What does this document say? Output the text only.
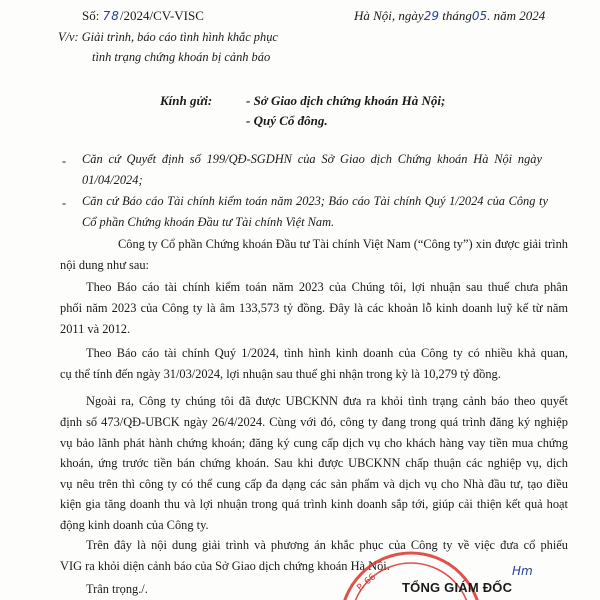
Số: 78/2024/CV-VISC	Hà Nội, ngày29 tháng05. năm 2024
V/v: Giải trình, báo cáo tình hình khắc phục
tình trạng chứng khoán bị cảnh báo
Kính gửi:	- Sở Giao dịch chứng khoán Hà Nội;
- Quý Cổ đông.
- Căn cứ Quyết định số 199/QĐ-SGDHN của Sở Giao dịch Chứng khoán Hà Nội ngày
01/04/2024;
- Căn cứ Báo cáo Tài chính kiểm toán năm 2023; Báo cáo Tài chính Quý 1/2024 của Công ty
Cổ phần Chứng khoán Đầu tư Tài chính Việt Nam.
Công ty Cổ phần Chứng khoán Đầu tư Tài chính Việt Nam (“Công ty”) xin được giải trình
nội dung như sau:
Theo Báo cáo tài chính kiểm toán năm 2023 của Chúng tôi, lợi nhuận sau thuế chưa phân
phối năm 2023 của Công ty là âm 133,573 tỷ đồng. Đây là các khoản lỗ kinh doanh luỹ kế từ năm
2011 và 2012.
Theo Báo cáo tài chính Quý 1/2024, tình hình kinh doanh của Công ty có nhiều khả quan,
cụ thể tính đến ngày 31/03/2024, lợi nhuận sau thuế ghi nhận trong kỳ là 10,279 tỷ đồng.
Ngoài ra, Công ty chúng tôi đã được UBCKNN đưa ra khỏi tình trạng cảnh báo theo quyết
định số 473/QĐ-UBCK ngày 26/4/2024. Cùng với đó, công ty đang trong quá trình đăng ký nghiệp
vụ bảo lãnh phát hành chứng khoán; đăng ký cung cấp dịch vụ cho khách hàng vay tiền mua chứng
khoán, ứng trước tiền bán chứng khoán. Sau khi được UBCKNN chấp thuận các nghiệp vụ, dịch
vụ nêu trên thì công ty có thể cung cấp đa dạng các sản phẩm và dịch vụ cho Nhà đầu tư, tạo điều
kiện gia tăng doanh thu và lợi nhuận trong quá trình kinh doanh sắp tới, giúp cải thiện kết quả hoạt
động kinh doanh của Công ty.
Trên đây là nội dung giải trình và phương án khắc phục của Công ty về việc đưa cổ phiếu
VIG ra khỏi diện cảnh báo của Sở Giao dịch chứng khoán Hà Nội.
Trân trọng./.	P. 66 TỔNG GIÁM ĐỐC
Hm
